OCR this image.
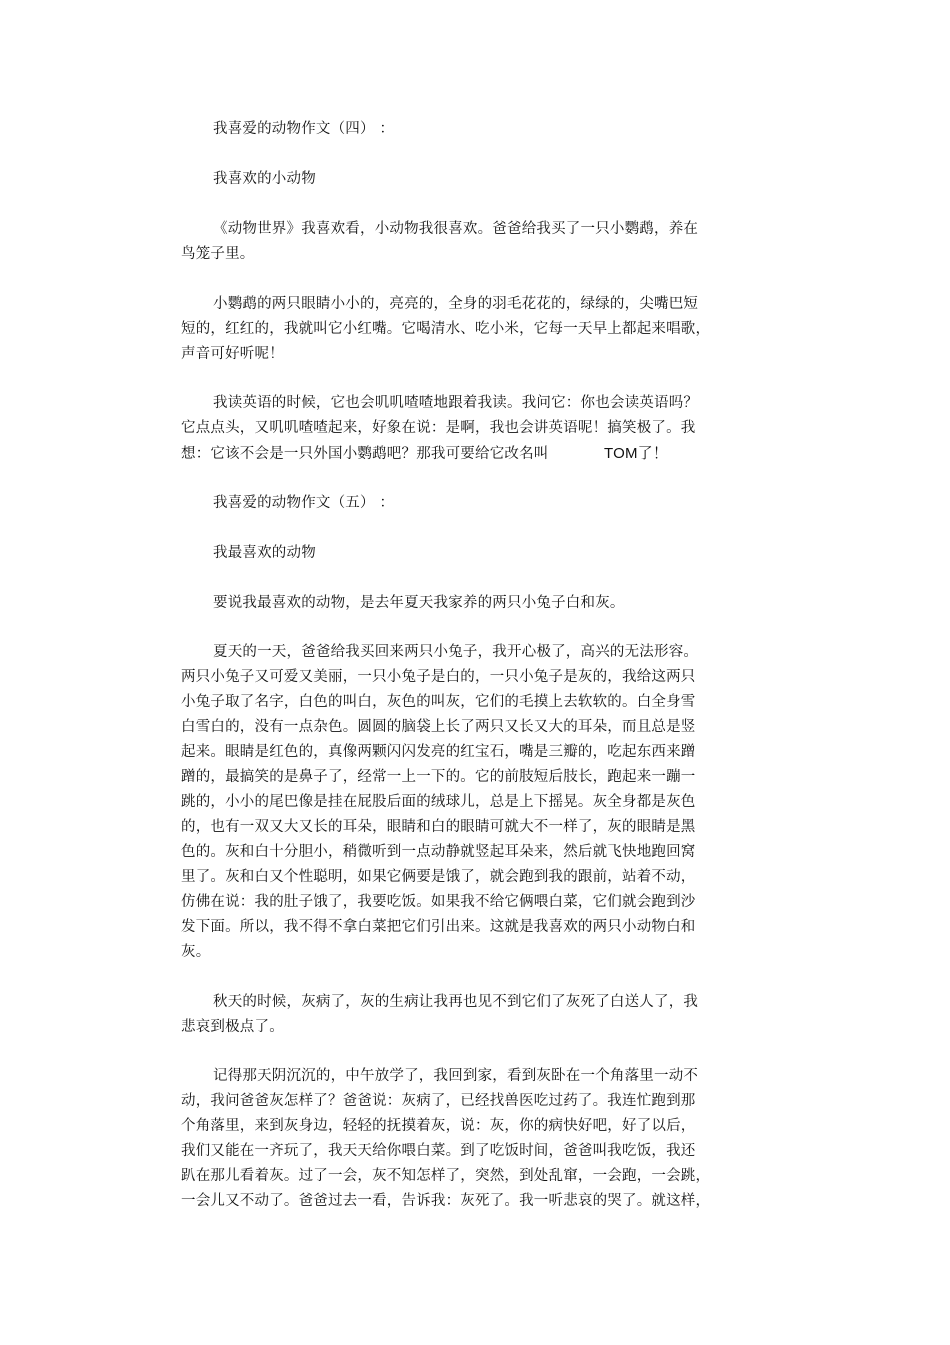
我喜爱的动物作文（四） ：
我喜欢的小动物
《动物世界》我喜欢看，小动物我很喜欢。爸爸给我买了一只小鹦鹉，养在
鸟笼子里。
小鹦鹉的两只眼睛小小的，亮亮的，全身的羽毛花花的，绿绿的，尖嘴巴短
短的，红红的，我就叫它小红嘴。它喝清水、吃小米，它每一天早上都起来唱歌，
声音可好听呢！
我读英语的时候，它也会叽叽喳喳地跟着我读。我问它：你也会读英语吗？
它点点头，又叽叽喳喳起来，好象在说：是啊，我也会讲英语呢！搞笑极了。我
想：它该不会是一只外国小鹦鹉吧？那我可要给它改名叫	TOM了！
我喜爱的动物作文（五） ：
我最喜欢的动物
要说我最喜欢的动物，是去年夏天我家养的两只小兔子白和灰。
夏天的一天，爸爸给我买回来两只小兔子，我开心极了，高兴的无法形容。
两只小兔子又可爱又美丽，一只小兔子是白的，一只小兔子是灰的，我给这两只
小兔子取了名字，白色的叫白，灰色的叫灰，它们的毛摸上去软软的。白全身雪
白雪白的，没有一点杂色。圆圆的脑袋上长了两只又长又大的耳朵，而且总是竖
起来。眼睛是红色的，真像两颗闪闪发亮的红宝石，嘴是三瓣的，吃起东西来蹭
蹭的，最搞笑的是鼻子了，经常一上一下的。它的前肢短后肢长，跑起来一蹦一
跳的，小小的尾巴像是挂在屁股后面的绒球儿，总是上下摇晃。灰全身都是灰色
的，也有一双又大又长的耳朵，眼睛和白的眼睛可就大不一样了，灰的眼睛是黑
色的。灰和白十分胆小，稍微听到一点动静就竖起耳朵来，然后就飞快地跑回窝
里了。灰和白又个性聪明，如果它俩要是饿了，就会跑到我的跟前，站着不动，
仿佛在说：我的肚子饿了，我要吃饭。如果我不给它俩喂白菜，它们就会跑到沙
发下面。所以，我不得不拿白菜把它们引出来。这就是我喜欢的两只小动物白和
灰。
秋天的时候，灰病了，灰的生病让我再也见不到它们了灰死了白送人了，我
悲哀到极点了。
记得那天阴沉沉的，中午放学了，我回到家，看到灰卧在一个角落里一动不
动，我问爸爸灰怎样了？爸爸说：灰病了，已经找兽医吃过药了。我连忙跑到那
个角落里，来到灰身边，轻轻的抚摸着灰，说：灰，你的病快好吧，好了以后，
我们又能在一齐玩了，我天天给你喂白菜。到了吃饭时间，爸爸叫我吃饭，我还
趴在那儿看着灰。过了一会，灰不知怎样了，突然，到处乱窜，一会跑，一会跳，
一会儿又不动了。爸爸过去一看，告诉我：灰死了。我一听悲哀的哭了。就这样，
